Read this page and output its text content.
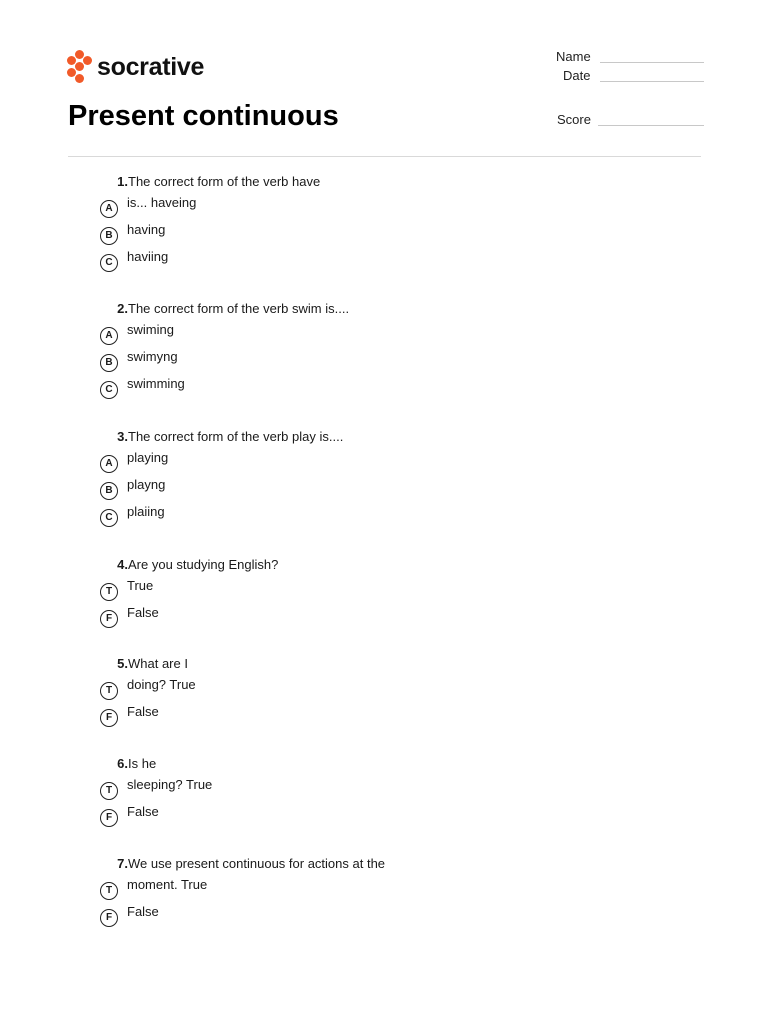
socrative	Name
Date
Score
Present continuous
1. The correct form of the verb have
A	is... haveing
B	having
C	haviing
2. The correct form of the verb swim is....
A	swiming
B	swimyng
C	swimming
3. The correct form of the verb play is....
A	playing
B	playng
C	plaiing
4. Are you studying English?
T	True
F	False
5. What are I
T	doing? True
F	False
6. Is he
T	sleeping? True
F	False
7. We use present continuous for actions at the
T	moment. True
F	False
